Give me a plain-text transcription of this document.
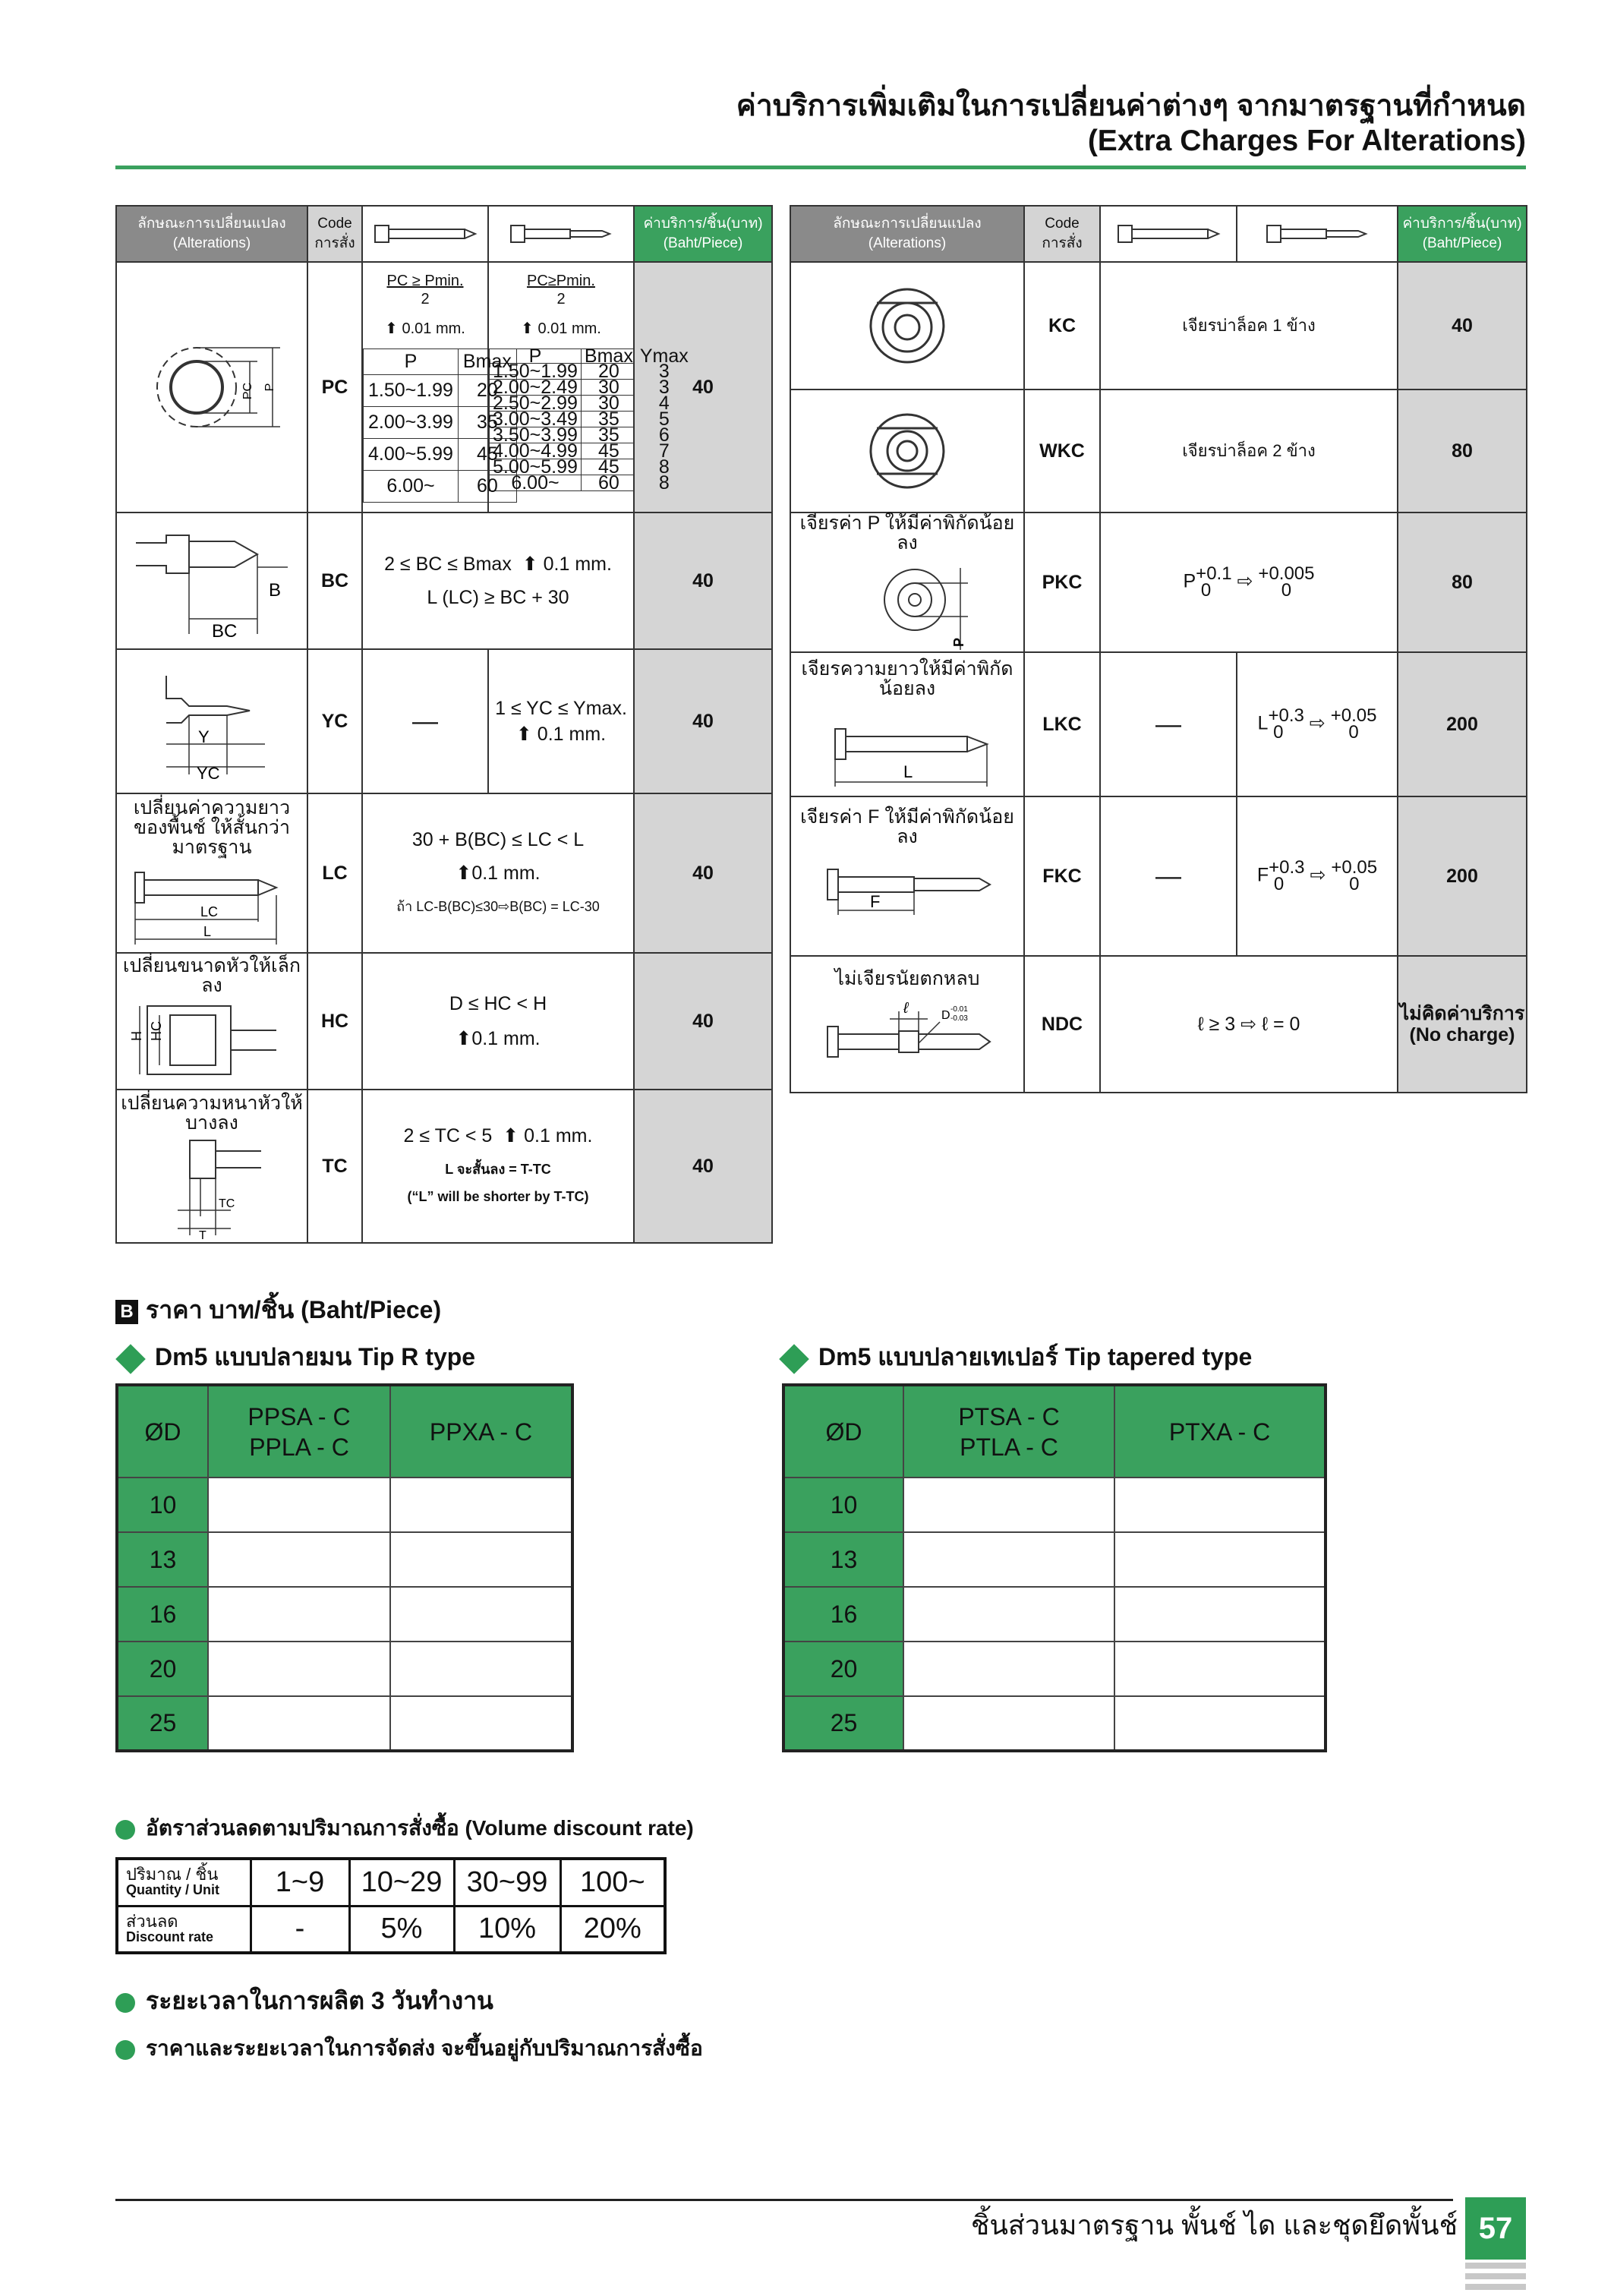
ค่าบริการเพิ่มเติมในการเปลี่ยนค่าต่างๆ จากมาตรฐานที่กำหนด
(Extra Charges For Alterations)
ลักษณะการเปลี่ยนแปลง
(Alterations)	Code
การสั่ง	

	ค่าบริการ/ชิ้น(บาท)
(Baht/Piece)

PC P	PC	
PC ≥ Pmin.
2
⬆ 0.01 mm.
P	Bmax
1.50~1.99	20
2.00~3.99	35
4.00~5.99	45
6.00~	60

PC≥Pmin.
2
⬆ 0.01 mm.
P	Bmax	Ymax
1.50~1.99	20	3
2.00~2.49	30	3
2.50~2.99	30	4
3.00~3.49	35	5
3.50~3.99	35	6
4.00~4.99	45	7
5.00~5.99	45	8
6.00~	60	8
	40

BC
B	BC	2 ≤ BC ≤ Bmax  ⬆ 0.1 mm.
L (LC) ≥ BC + 30	40

Y
YC
	YC	—	1 ≤ YC ≤ Ymax.
⬆ 0.1 mm.	40

เปลี่ยนค่าความยาวของพื้นช์ ให้สั้นกว่ามาตรฐาน
LC
L
	LC	30 + B(BC) ≤ LC < L
⬆0.1 mm.
ถ้า LC-B(BC)≤30⇨B(BC) = LC-30	40

เปลี่ยนขนาดหัวให้เล็กลง
H HC	HC	D ≤ HC < H
⬆0.1 mm.	40

เปลี่ยนความหนาหัวให้บางลง
TC
T
	TC	2 ≤ TC < 5  ⬆ 0.1 mm.
L จะสั้นลง = T-TC
(“L” will be shorter by T-TC)	40
ลักษณะการเปลี่ยนแปลง
(Alterations)	Code
การสั่ง			ค่าบริการ/ชิ้น(บาท)
(Baht/Piece)

	KC	เจียรบ่าล็อค 1 ข้าง		40

	WKC	เจียรบ่าล็อค 2 ข้าง		80

เจียรค่า P ให้มีค่าพิกัดน้อยลง
P	PKC	P+0.1
0 ⇨ +0.005
0		80

เจียรความยาวให้มีค่าพิกัดน้อยลง
L	LKC	—	L+0.3
0 ⇨ +0.05
0	200

เจียรค่า F ให้มีค่าพิกัดน้อยลง
F	FKC	—	F+0.3
0 ⇨ +0.05
0	200

ไม่เจียรนัยตกหลบ
ℓ D -0.01
-0.03	NDC	ℓ ≥ 3 ⇨ ℓ = 0		ไม่คิดค่าบริการ
(No charge)
B ราคา บาท/ชิ้น (Baht/Piece)
Dm5 แบบปลายมน Tip R type	Dm5 แบบปลายเทเปอร์ Tip tapered type
ØD	PPSA - C
PPLA - C	PPXA - C
10		
13		
16		
20		
25		
ØD	PTSA - C
PTLA - C	PTXA - C
10		
13		
16		
20		
25		
อัตราส่วนลดตามปริมาณการสั่งซื้อ (Volume discount rate)
ปริมาณ / ชิ้น
Quantity / Unit	1~9	10~29	30~99	100~

ส่วนลด
Discount rate	-	5%	10%	20%
ระยะเวลาในการผลิต 3 วันทำงาน
ราคาและระยะเวลาในการจัดส่ง จะขึ้นอยู่กับปริมาณการสั่งซื้อ
ชิ้นส่วนมาตรฐาน พั้นช์ ได และชุดยึดพั้นช์ 57
